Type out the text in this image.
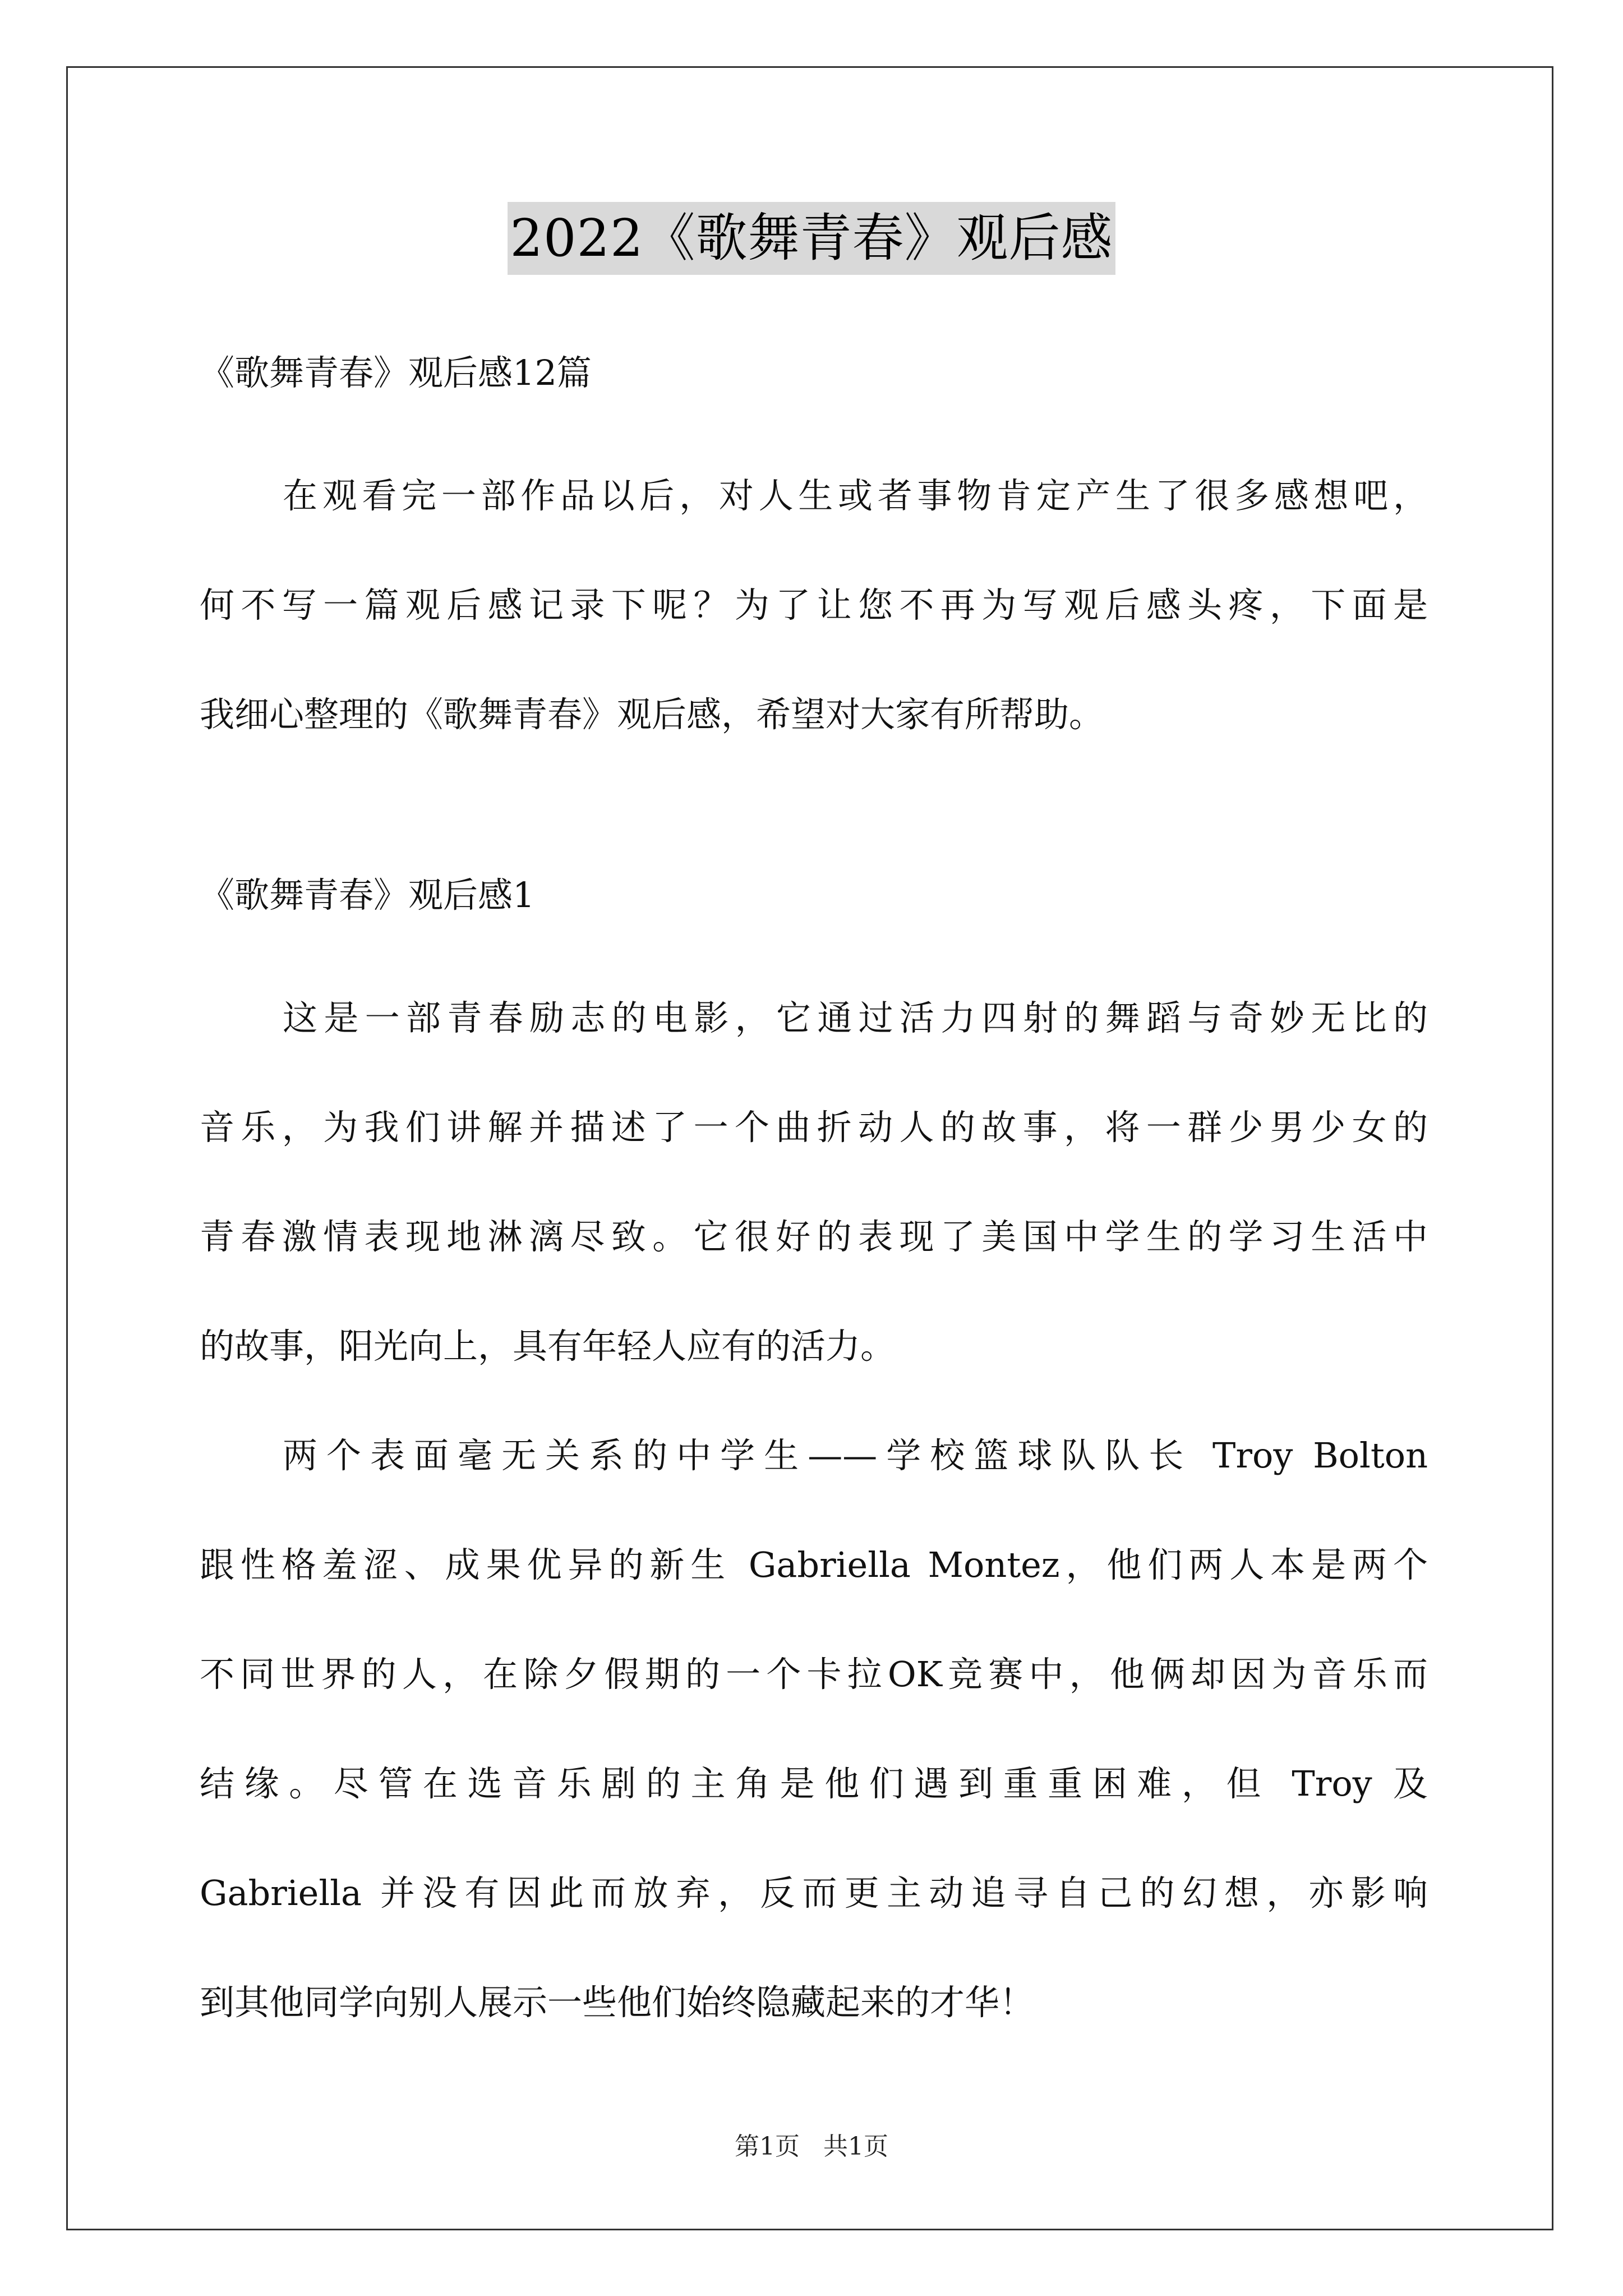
2022《歌舞青春》观后感
《歌舞青春》观后感12篇
在观看完一部作品以后，对人生或者事物肯定产生了很多感想吧，
何不写一篇观后感记录下呢？为了让您不再为写观后感头疼，下面是
我细心整理的《歌舞青春》观后感，希望对大家有所帮助。
《歌舞青春》观后感1
这是一部青春励志的电影，它通过活力四射的舞蹈与奇妙无比的
音乐，为我们讲解并描述了一个曲折动人的故事，将一群少男少女的
青春激情表现地淋漓尽致。它很好的表现了美国中学生的学习生活中
的故事，阳光向上，具有年轻人应有的活力。
两个表面毫无关系的中学生——学校篮球队队长 Troy Bolton
跟性格羞涩、成果优异的新生 Gabriella Montez，他们两人本是两个
不同世界的人，在除夕假期的一个卡拉OK竞赛中，他俩却因为音乐而
结缘。尽管在选音乐剧的主角是他们遇到重重困难，但 Troy 及
Gabriella 并没有因此而放弃，反而更主动追寻自己的幻想，亦影响
到其他同学向别人展示一些他们始终隐藏起来的才华！
第1页 共1页
